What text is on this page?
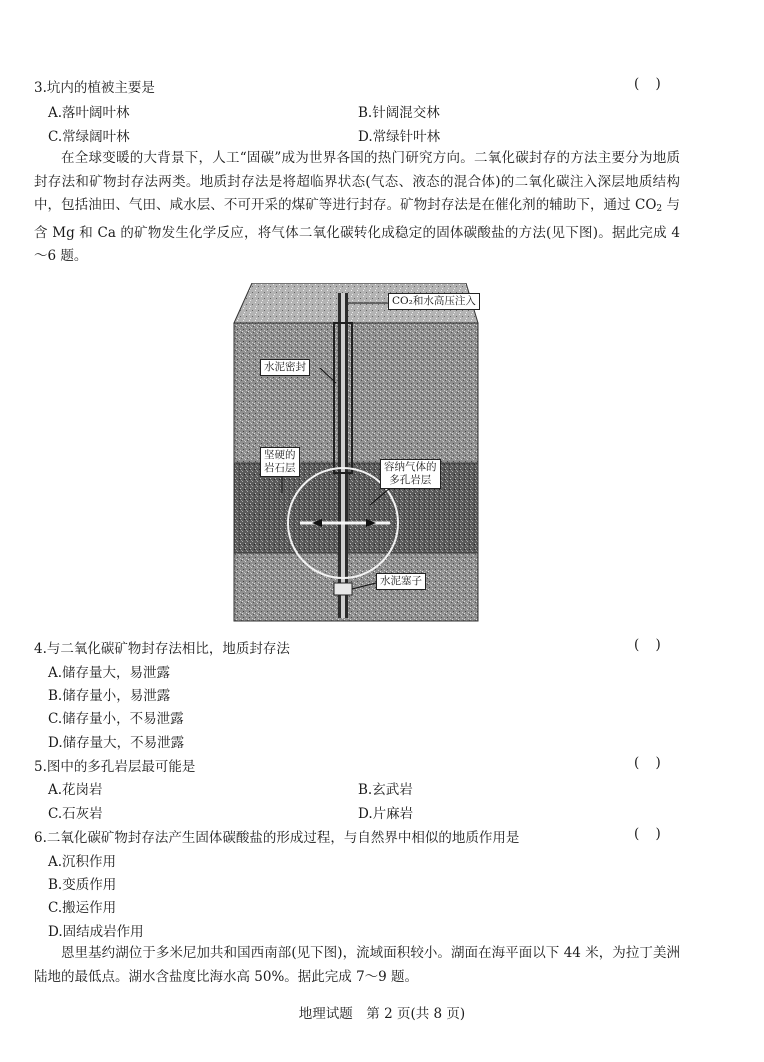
3.坑内的植被主要是	( )
A.落叶阔叶林	B.针阔混交林
C.常绿阔叶林	D.常绿针叶林
在全球变暖的大背景下，人工“固碳”成为世界各国的热门研究方向。二氧化碳封存的方法主要分为地质封存法和矿物封存法两类。地质封存法是将超临界状态(气态、液态的混合体)的二氧化碳注入深层地质结构中，包括油田、气田、咸水层、不可开采的煤矿等进行封存。矿物封存法是在催化剂的辅助下，通过 $CO_2$ 与含 Mg 和 Ca 的矿物发生化学反应，将气体二氧化碳转化成稳定的固体碳酸盐的方法(见下图)。据此完成 4～6 题。
CO₂和水高压注入
水泥密封
坚硬的
岩石层	容纳气体的
多孔岩层
水泥塞子
4.与二氧化碳矿物封存法相比，地质封存法	( )
A.储存量大，易泄露
B.储存量小，易泄露
C.储存量小，不易泄露
D.储存量大，不易泄露
5.图中的多孔岩层最可能是	( )
A.花岗岩	B.玄武岩
C.石灰岩	D.片麻岩
6.二氧化碳矿物封存法产生固体碳酸盐的形成过程，与自然界中相似的地质作用是	( )
A.沉积作用
B.变质作用
C.搬运作用
D.固结成岩作用
恩里基约湖位于多米尼加共和国西南部(见下图)，流域面积较小。湖面在海平面以下 44 米，为拉丁美洲陆地的最低点。湖水含盐度比海水高 50%。据此完成 7～9 题。
地理试题　第 2 页(共 8 页)
